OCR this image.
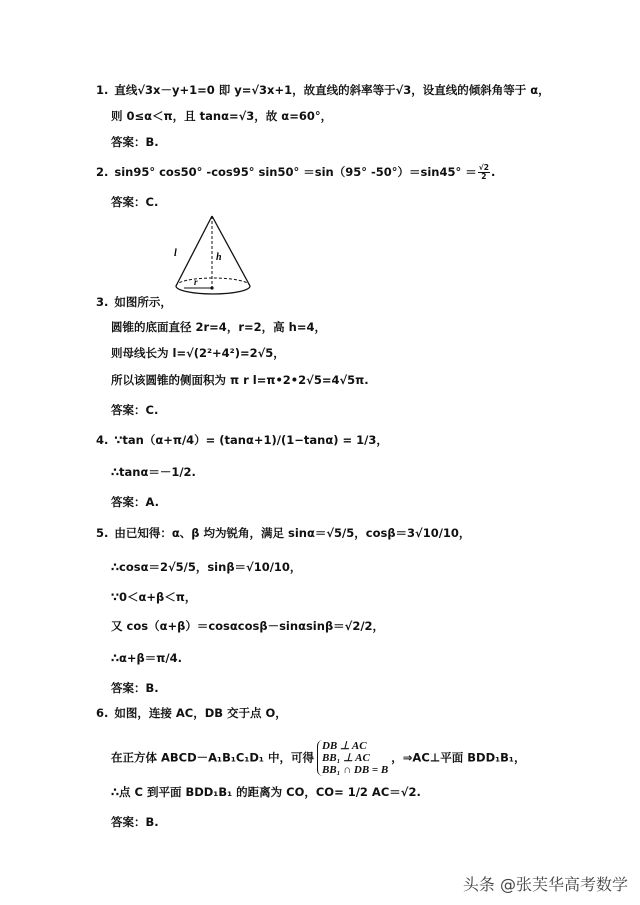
1. 直线√3x－y+1=0 即 y=√3x+1，故直线的斜率等于√3，设直线的倾斜角等于 α，
则 0≤α＜π，且 tanα=√3，故 α=60°，
答案：B.
2. sin95° cos50° -cos95° sin50° ＝sin（95° $-50^\circ)=\sin 45^\circ = \frac{√2}{2}$ .
答案：C.
l	h
r
3. 如图所示，
圆锥的底面直径 2r=4，r=2，高 h=4，
则母线长为 l=√(2²+4²)=2√5，
所以该圆锥的侧面积为 π r l=π•2•2√5=4√5π.
答案：C.
4. ∵tan（α+π/4）= (tanα+1)/(1−tanα) = 1/3，
∴tanα＝－1/2.
答案：A.
5. 由已知得：α、β 均为锐角，满足 sinα＝√5/5，cosβ＝3√10/10，
∴cosα＝2√5/5，sinβ＝√10/10，
∵0＜α+β＜π，
又 cos（α+β）＝cosαcosβ－sinαsinβ＝√2/2，
∴α+β＝π/4.
答案：B.
6. 如图，连接 AC，DB 交于点 O，
在正方体 ABCD－A₁B₁C₁D₁ 中，可得
DB ⊥ AC
BB₁ ⊥ AC
BB₁ ∩ DB = B
，⇒AC⊥平面 BDD₁B₁，
∴点 C 到平面 BDD₁B₁ 的距离为 CO，CO= 1/2 AC＝√2.
答案：B.
头条 @张芙华高考数学
